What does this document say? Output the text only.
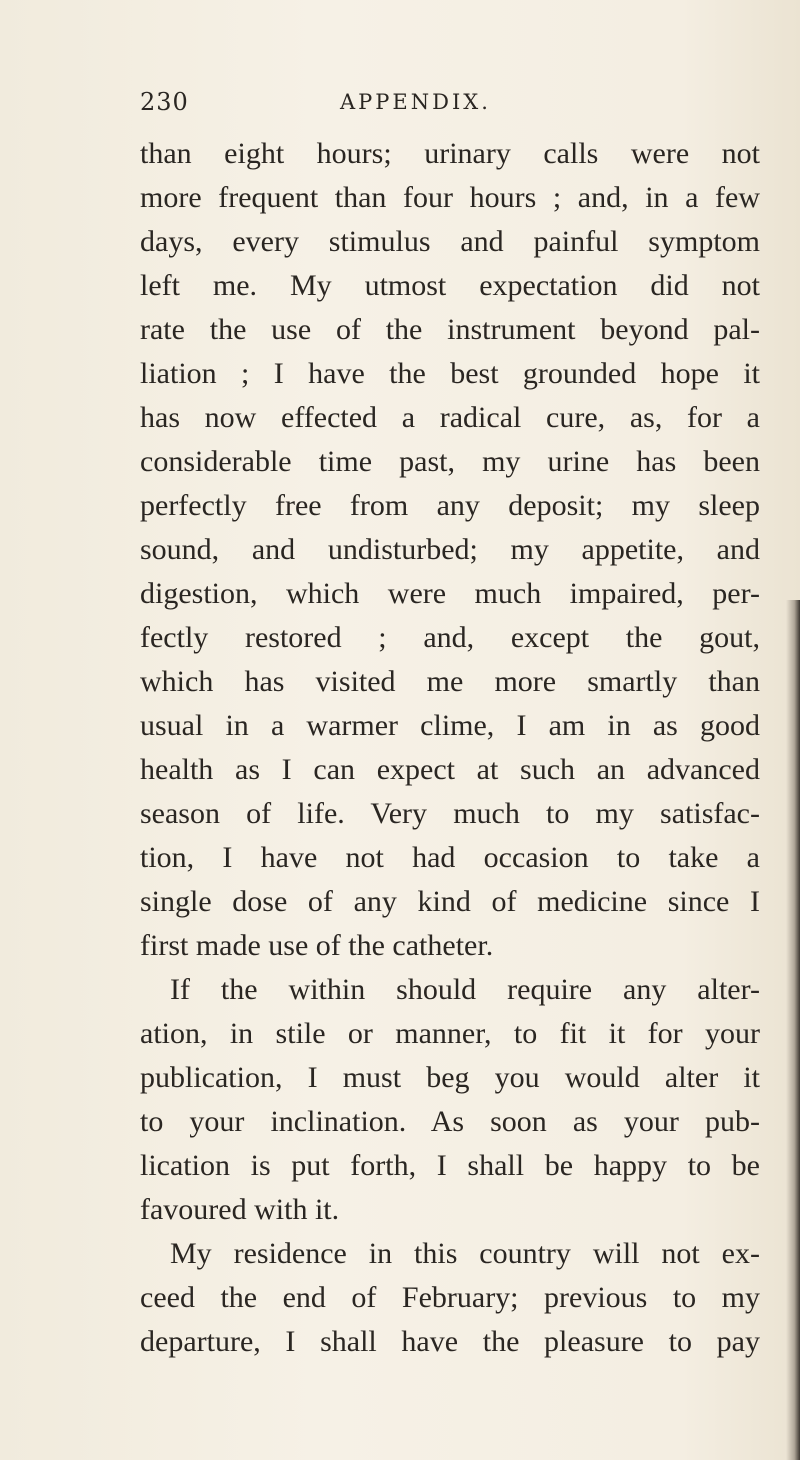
230	APPENDIX.
than eight hours; urinary calls were not
more frequent than four hours ; and, in a few
days, every stimulus and painful symptom
left me. My utmost expectation did not
rate the use of the instrument beyond pal-
liation ; I have the best grounded hope it
has now effected a radical cure, as, for a
considerable time past, my urine has been
perfectly free from any deposit; my sleep
sound, and undisturbed; my appetite, and
digestion, which were much impaired, per-
fectly restored ; and, except the gout,
which has visited me more smartly than
usual in a warmer clime, I am in as good
health as I can expect at such an advanced
season of life. Very much to my satisfac-
tion, I have not had occasion to take a
single dose of any kind of medicine since I
first made use of the catheter.
If the within should require any alter-
ation, in stile or manner, to fit it for your
publication, I must beg you would alter it
to your inclination. As soon as your pub-
lication is put forth, I shall be happy to be
favoured with it.
My residence in this country will not ex-
ceed the end of February; previous to my
departure, I shall have the pleasure to pay
